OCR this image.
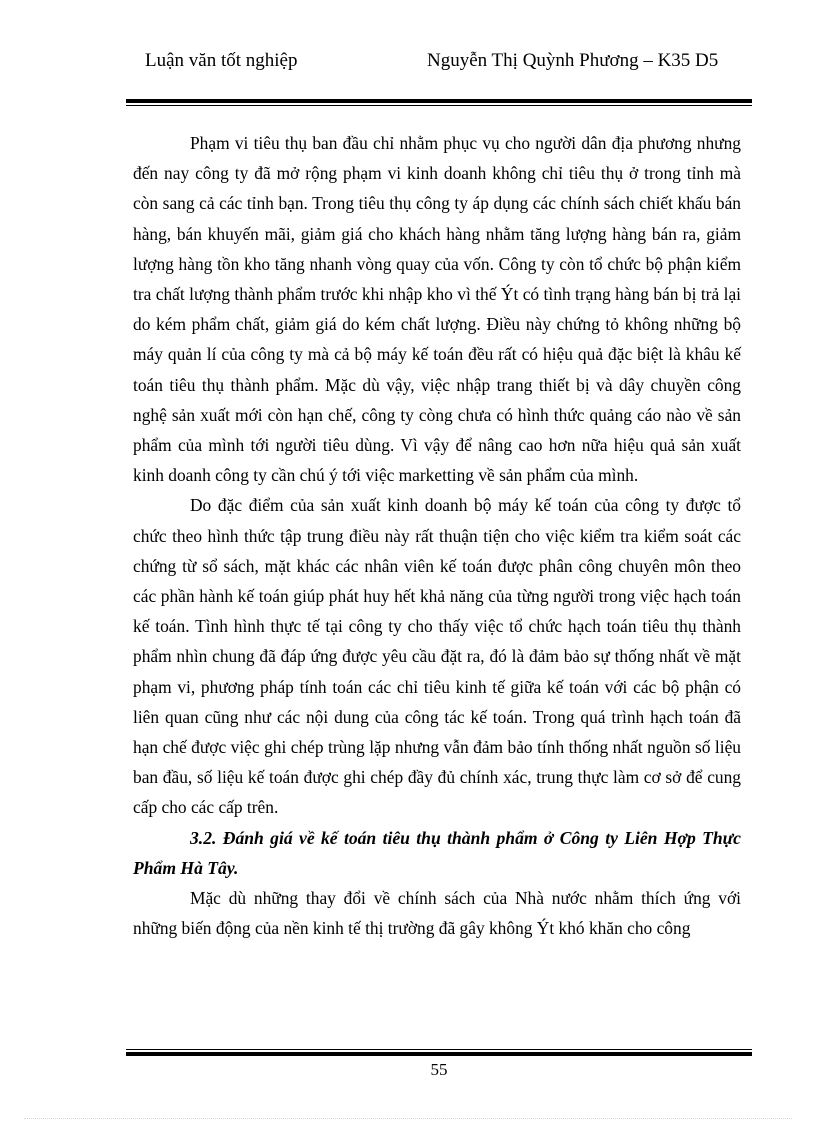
Luận văn tốt nghiệp	Nguyễn Thị Quỳnh Phương – K35 D5

Phạm vi tiêu thụ ban đầu chỉ nhằm phục vụ cho người dân địa phương nhưng đến nay công ty đã mở rộng phạm vi kinh doanh không chỉ tiêu thụ ở trong tỉnh mà còn sang cả các tỉnh bạn. Trong tiêu thụ công ty áp dụng các chính sách chiết khấu bán hàng, bán khuyến mãi, giảm giá cho khách hàng nhằm tăng lượng hàng bán ra, giảm lượng hàng tồn kho tăng nhanh vòng quay của vốn. Công ty còn tổ chức bộ phận kiểm tra chất lượng thành phẩm trước khi nhập kho vì thế Ýt có tình trạng hàng bán bị trả lại do kém phẩm chất, giảm giá do kém chất lượng. Điều này chứng tỏ không những bộ máy quản lí của công ty mà cả bộ máy kế toán đều rất có hiệu quả đặc biệt là khâu kế toán tiêu thụ thành phẩm. Mặc dù vậy, việc nhập trang thiết bị và dây chuyền công nghệ sản xuất mới còn hạn chế, công ty còng chưa có hình thức quảng cáo nào về sản phẩm của mình tới người tiêu dùng. Vì vậy để nâng cao hơn nữa hiệu quả sản xuất kinh doanh công ty cần chú ý tới việc marketting về sản phẩm của mình.

Do đặc điểm của sản xuất kinh doanh bộ máy kế toán của công ty được tổ chức theo hình thức tập trung điều này rất thuận tiện cho việc kiểm tra kiểm soát các chứng từ sổ sách, mặt khác các nhân viên kế toán được phân công chuyên môn theo các phần hành kế toán giúp phát huy hết khả năng của từng người trong việc hạch toán kế toán. Tình hình thực tế tại công ty cho thấy việc tổ chức hạch toán tiêu thụ thành phẩm nhìn chung đã đáp ứng được yêu cầu đặt ra, đó là đảm bảo sự thống nhất về mặt phạm vi, phương pháp tính toán các chỉ tiêu kinh tế giữa kế toán với các bộ phận có liên quan cũng như các nội dung của công tác kế toán. Trong quá trình hạch toán đã hạn chế được việc ghi chép trùng lặp nhưng vẫn đảm bảo tính thống nhất nguồn số liệu ban đầu, số liệu kế toán được ghi chép đầy đủ chính xác, trung thực làm cơ sở để cung cấp cho các cấp trên.

3.2. Đánh giá về kế toán tiêu thụ thành phẩm ở Công ty Liên Hợp Thực Phẩm Hà Tây.

Mặc dù những thay đổi về chính sách của Nhà nước nhằm thích ứng với những biến động của nền kinh tế thị trường đã gây không Ýt khó khăn cho công

55
